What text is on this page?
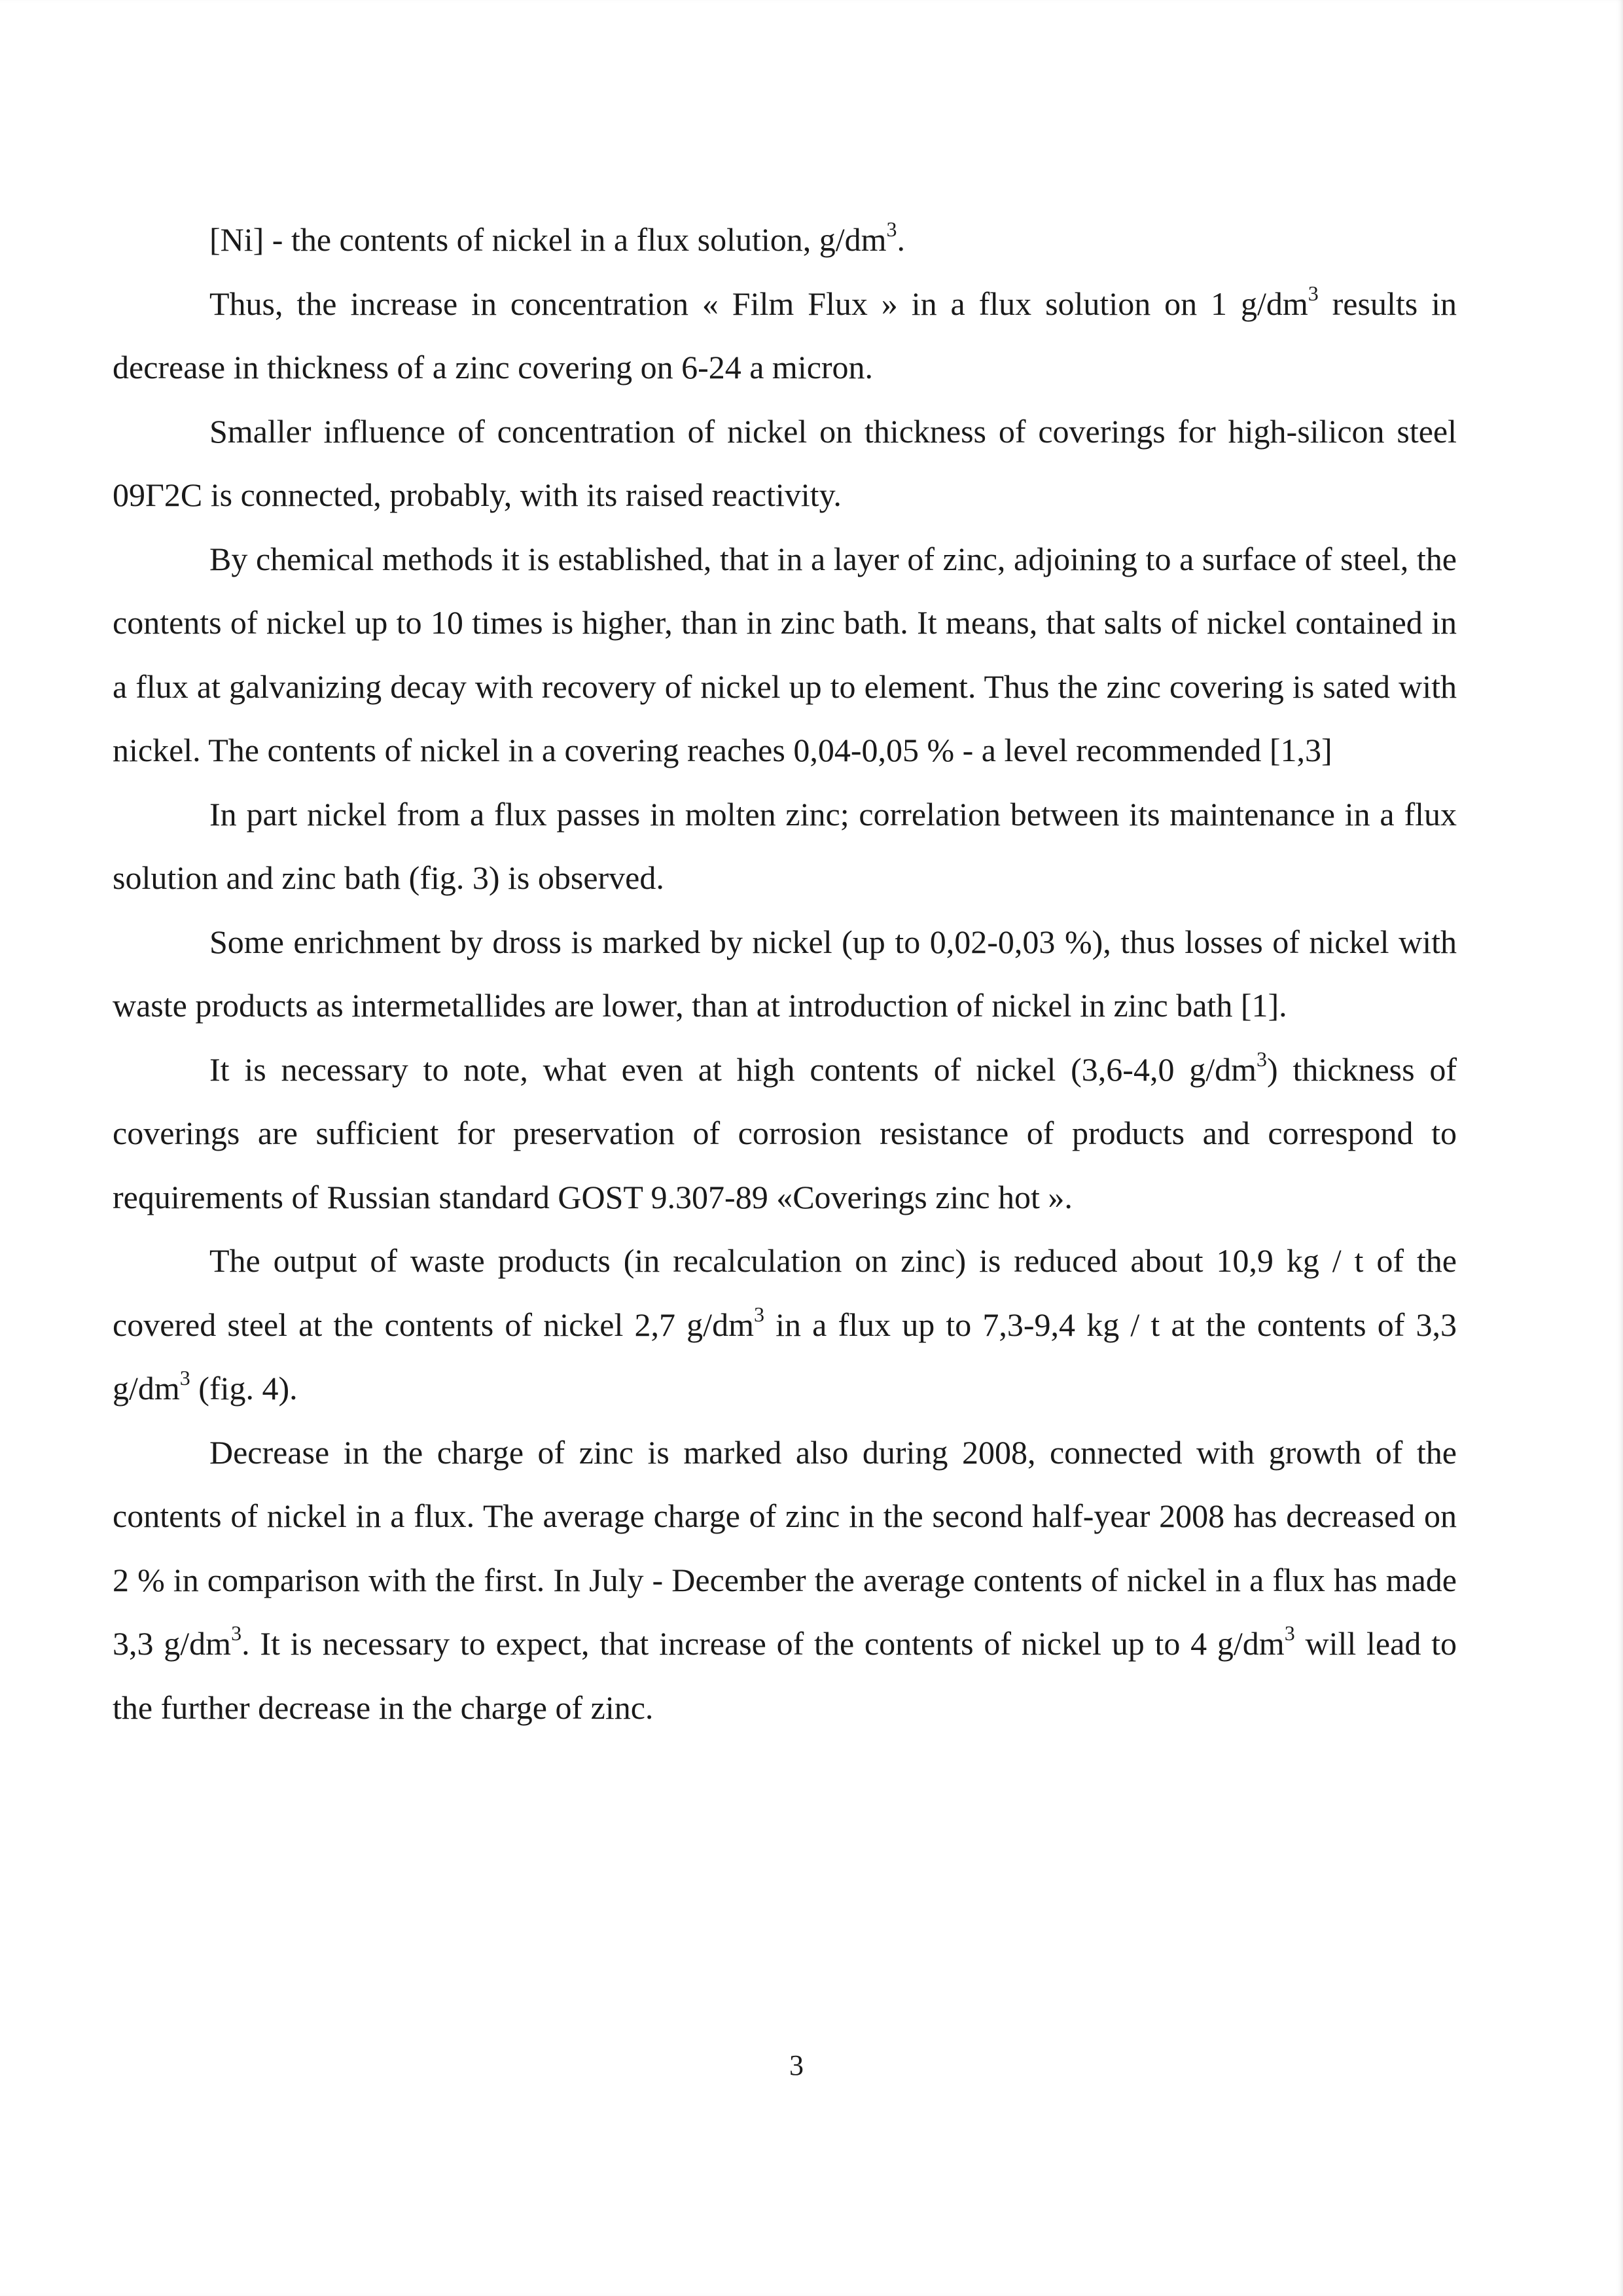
[Ni] - the contents of nickel in a flux solution, $g/dm^3$.

Thus, the increase in concentration « Film Flux » in a flux solution on 1 $g/dm^3$ results in decrease in thickness of a zinc covering on 6-24 a micron.

Smaller influence of concentration of nickel on thickness of coverings for high-silicon steel 09Г2С is connected, probably, with its raised reactivity.

By chemical methods it is established, that in a layer of zinc, adjoining to a surface of steel, the contents of nickel up to 10 times is higher, than in zinc bath. It means, that salts of nickel contained in a flux at galvanizing decay with recovery of nickel up to element. Thus the zinc covering is sated with nickel. The contents of nickel in a covering reaches 0,04-0,05 % - a level recommended [1,3]

In part nickel from a flux passes in molten zinc; correlation between its maintenance in a flux solution and zinc bath (fig. 3) is observed.

Some enrichment by dross is marked by nickel (up to 0,02-0,03 %), thus losses of nickel with waste products as intermetallides are lower, than at introduction of nickel in zinc bath [1].

It is necessary to note, what even at high contents of nickel (3,6-4,0 $g/dm^3$) thickness of coverings are sufficient for preservation of corrosion resistance of products and correspond to requirements of Russian standard GOST 9.307-89 «Coverings zinc hot ».

The output of waste products (in recalculation on zinc) is reduced about 10,9 kg / t of the covered steel at the contents of nickel 2,7 $g/dm^3$ in a flux up to 7,3-9,4 kg / t at the contents of 3,3 $g/dm^3$ (fig. 4).

Decrease in the charge of zinc is marked also during 2008, connected with growth of the contents of nickel in a flux. The average charge of zinc in the second half-year 2008 has decreased on 2 % in comparison with the first. In July - December the average contents of nickel in a flux has made 3,3 $g/dm^3$. It is necessary to expect, that increase of the contents of nickel up to 4 $g/dm^3$ will lead to the further decrease in the charge of zinc.

3
